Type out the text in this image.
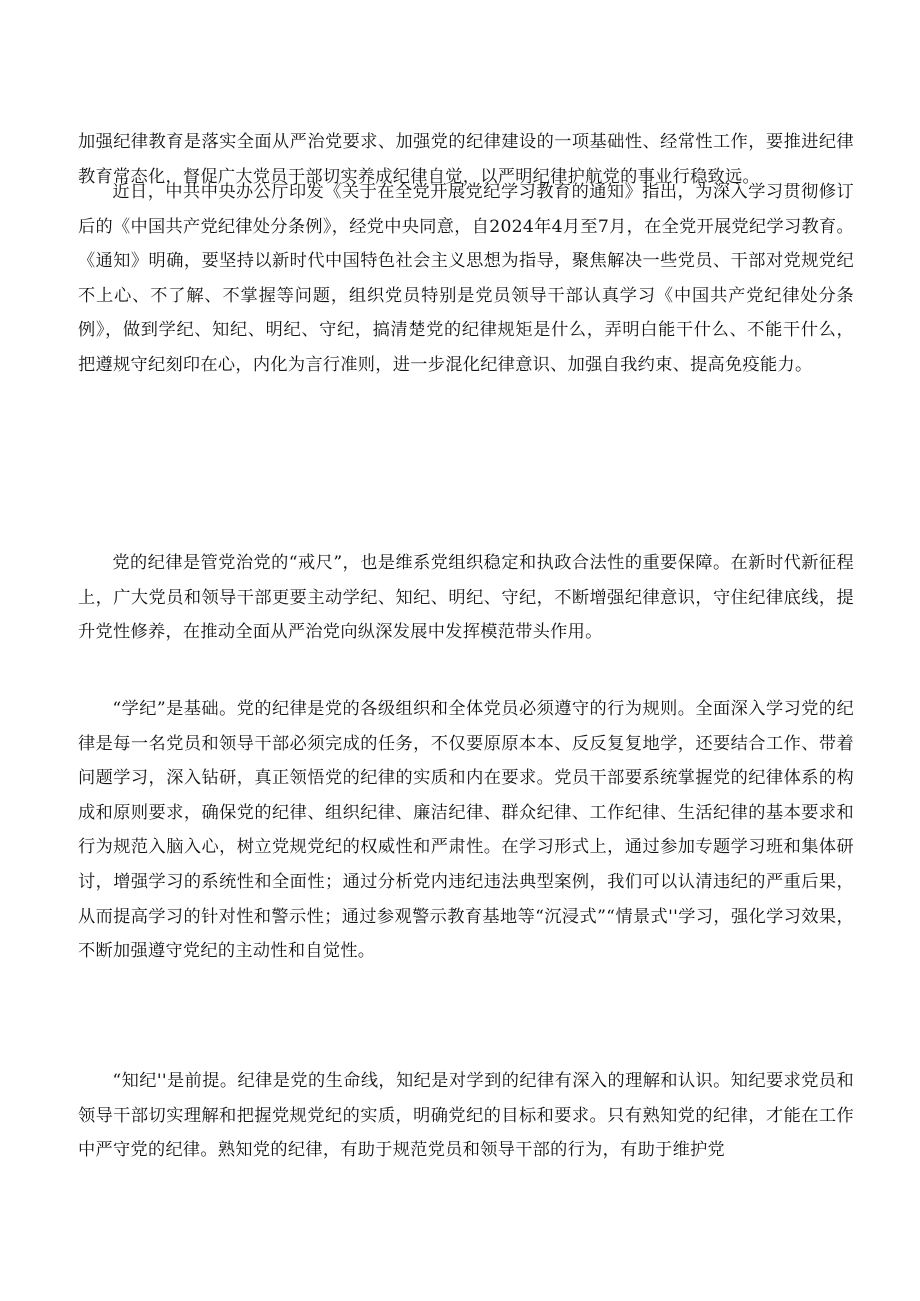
加强纪律教育是落实全面从严治党要求、加强党的纪律建设的一项基础性、经常性工作，要推进纪律教育常态化，督促广大党员干部切实养成纪律自觉，以严明纪律护航党的事业行稳致远。

近日，中共中央办公厅印发《关于在全党开展党纪学习教育的通知》指出，为深入学习贯彻修订后的《中国共产党纪律处分条例》，经党中央同意，自2024年4月至7月，在全党开展党纪学习教育。《通知》明确，要坚持以新时代中国特色社会主义思想为指导，聚焦解决一些党员、干部对党规党纪不上心、不了解、不掌握等问题，组织党员特别是党员领导干部认真学习《中国共产党纪律处分条例》，做到学纪、知纪、明纪、守纪，搞清楚党的纪律规矩是什么，弄明白能干什么、不能干什么，把遵规守纪刻印在心，内化为言行准则，进一步混化纪律意识、加强自我约束、提高免疫能力。

党的纪律是管党治党的“戒尺”，也是维系党组织稳定和执政合法性的重要保障。在新时代新征程上，广大党员和领导干部更要主动学纪、知纪、明纪、守纪，不断增强纪律意识，守住纪律底线，提升党性修养，在推动全面从严治党向纵深发展中发挥模范带头作用。

“学纪”是基础。党的纪律是党的各级组织和全体党员必须遵守的行为规则。全面深入学习党的纪律是每一名党员和领导干部必须完成的任务，不仅要原原本本、反反复复地学，还要结合工作、带着问题学习，深入钻研，真正领悟党的纪律的实质和内在要求。党员干部要系统掌握党的纪律体系的构成和原则要求，确保党的纪律、组织纪律、廉洁纪律、群众纪律、工作纪律、生活纪律的基本要求和行为规范入脑入心，树立党规党纪的权威性和严肃性。在学习形式上，通过参加专题学习班和集体研讨，增强学习的系统性和全面性；通过分析党内违纪违法典型案例，我们可以认清违纪的严重后果，从而提高学习的针对性和警示性；通过参观警示教育基地等“沉浸式”“情景式''学习，强化学习效果，不断加强遵守党纪的主动性和自觉性。

“知纪''是前提。纪律是党的生命线，知纪是对学到的纪律有深入的理解和认识。知纪要求党员和领导干部切实理解和把握党规党纪的实质，明确党纪的目标和要求。只有熟知党的纪律，才能在工作中严守党的纪律。熟知党的纪律，有助于规范党员和领导干部的行为，有助于维护党
